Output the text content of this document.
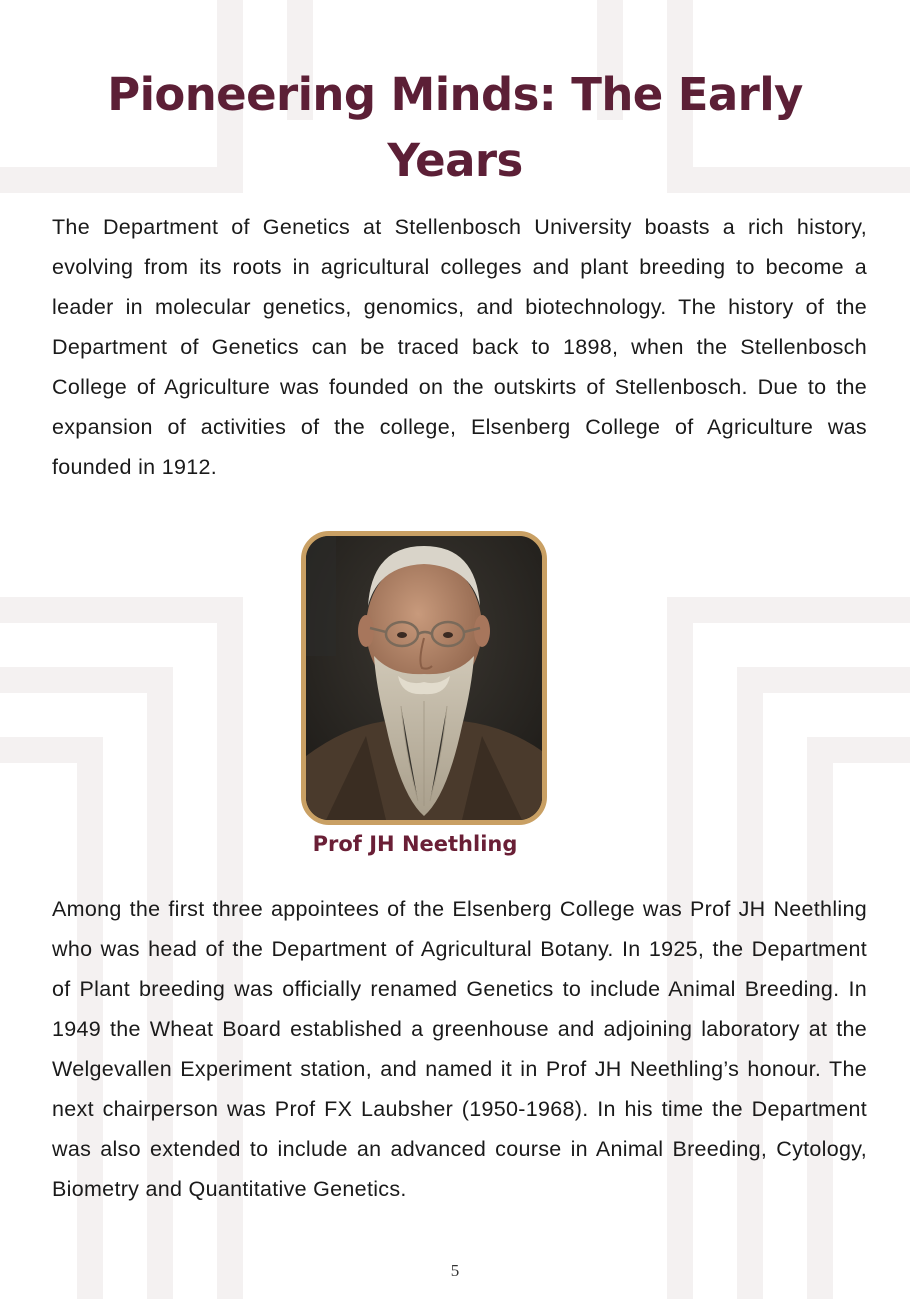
Pioneering Minds: The Early Years

The Department of Genetics at Stellenbosch University boasts a rich history, evolving from its roots in agricultural colleges and plant breeding to become a leader in molecular genetics, genomics, and biotechnology. The history of the Department of Genetics can be traced back to 1898, when the Stellenbosch College of Agriculture was founded on the outskirts of Stellenbosch. Due to the expansion of activities of the college, Elsenberg College of Agriculture was founded in 1912.

Prof JH Neethling

Among the first three appointees of the Elsenberg College was Prof JH Neethling who was head of the Department of Agricultural Botany. In 1925, the Department of Plant breeding was officially renamed Genetics to include Animal Breeding. In 1949 the Wheat Board established a greenhouse and adjoining laboratory at the Welgevallen Experiment station, and named it in Prof JH Neethling’s honour. The next chairperson was Prof FX Laubsher (1950-1968). In his time the Department was also extended to include an advanced course in Animal Breeding, Cytology, Biometry and Quantitative Genetics.

5
